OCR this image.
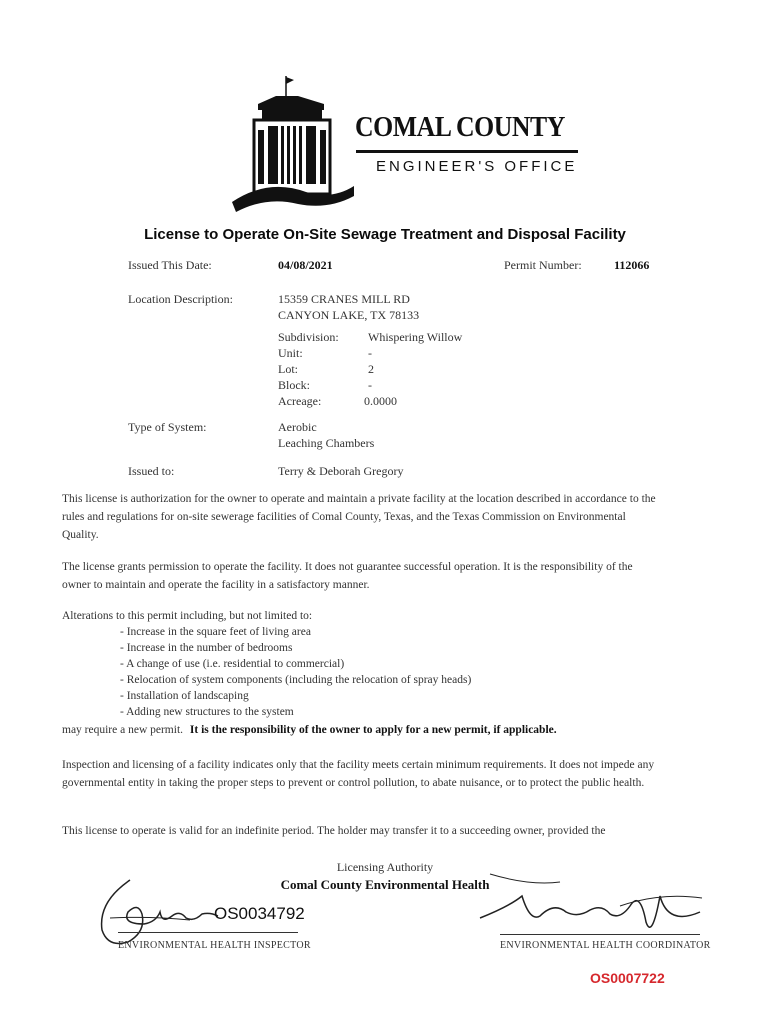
COMAL COUNTY
ENGINEER'S OFFICE
License to Operate On-Site Sewage Treatment and Disposal Facility
Issued This Date:	04/08/2021	Permit Number:	112066
Location Description:	15359 CRANES MILL RD
CANYON LAKE, TX 78133
Subdivision: Whispering Willow
Unit:	-
Lot:	2
Block:	-
Acreage:	0.0000
Type of System:	Aerobic
Leaching Chambers
Issued to:	Terry & Deborah Gregory
This license is authorization for the owner to operate and maintain a private facility at the location described in accordance to the rules and regulations for on-site sewerage facilities of Comal County, Texas, and the Texas Commission on Environmental Quality.
The license grants permission to operate the facility. It does not guarantee successful operation. It is the responsibility of the owner to maintain and operate the facility in a satisfactory manner.
Alterations to this permit including, but not limited to:
- Increase in the square feet of living area
- Increase in the number of bedrooms
- A change of use (i.e. residential to commercial)
- Relocation of system components (including the relocation of spray heads)
- Installation of landscaping
- Adding new structures to the system
may require a new permit. It is the responsibility of the owner to apply for a new permit, if applicable.
Inspection and licensing of a facility indicates only that the facility meets certain minimum requirements. It does not impede any governmental entity in taking the proper steps to prevent or control pollution, to abate nuisance, or to protect the public health.
This license to operate is valid for an indefinite period. The holder may transfer it to a succeeding owner, provided the
Licensing Authority
Comal County Environmental Health
OS0034792
ENVIRONMENTAL HEALTH INSPECTOR	ENVIRONMENTAL HEALTH COORDINATOR
OS0007722
